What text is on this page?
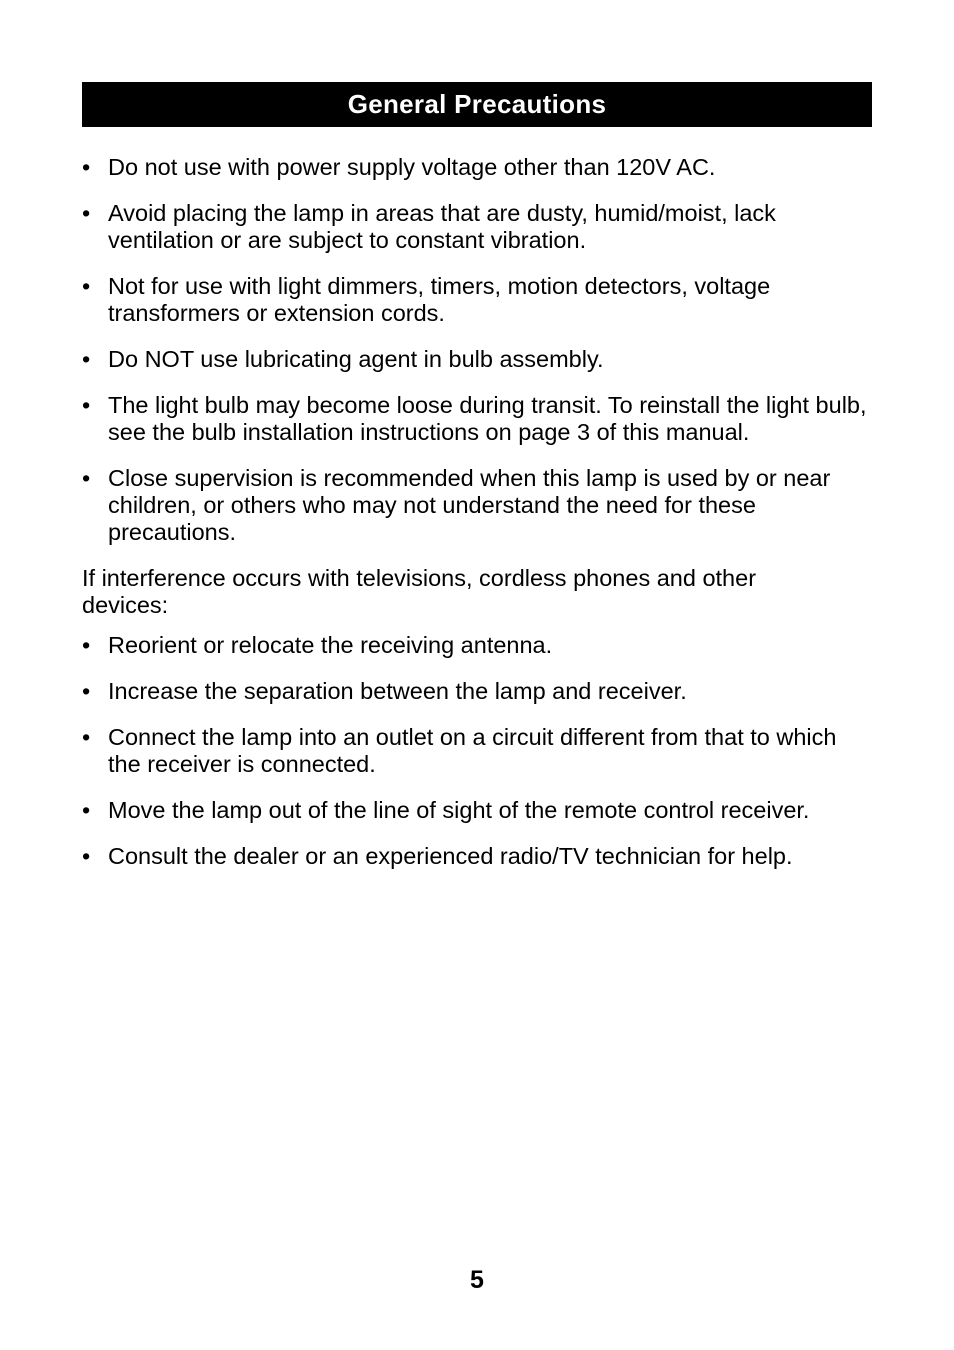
General Precautions
• Do not use with power supply voltage other than 120V AC.
• Avoid placing the lamp in areas that are dusty, humid/moist, lack ventilation or are subject to constant vibration.
• Not for use with light dimmers, timers, motion detectors, voltage transformers or extension cords.
• Do NOT use lubricating agent in bulb assembly.
• The light bulb may become loose during transit. To reinstall the light bulb, see the bulb installation instructions on page 3 of this manual.
• Close supervision is recommended when this lamp is used by or near children, or others who may not understand the need for these precautions.

If interference occurs with televisions, cordless phones and other devices:

• Reorient or relocate the receiving antenna.
• Increase the separation between the lamp and receiver.
• Connect the lamp into an outlet on a circuit different from that to which the receiver is connected.
• Move the lamp out of the line of sight of the remote control receiver.
• Consult the dealer or an experienced radio/TV technician for help.
5
